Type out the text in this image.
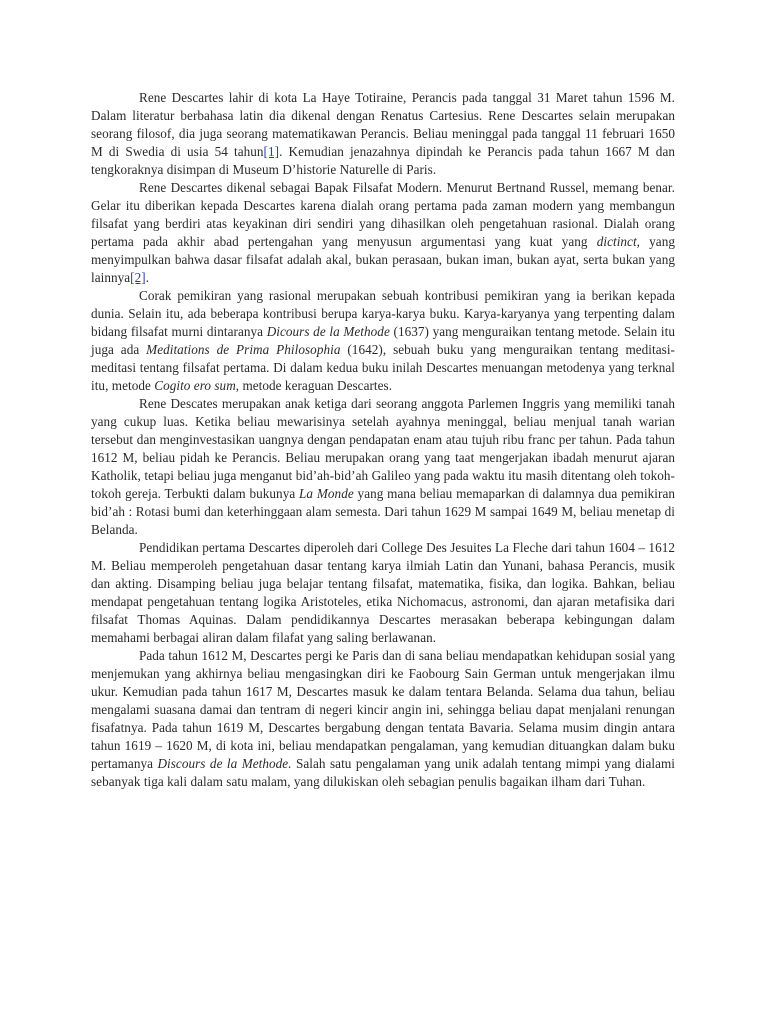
Rene Descartes lahir di kota La Haye Totiraine, Perancis pada tanggal 31 Maret tahun 1596 M. Dalam literatur berbahasa latin dia dikenal dengan Renatus Cartesius. Rene Descartes selain merupakan seorang filosof, dia juga seorang matematikawan Perancis. Beliau meninggal pada tanggal 11 februari 1650 M di Swedia di usia 54 tahun[1]. Kemudian jenazahnya dipindah ke Perancis pada tahun 1667 M dan tengkoraknya disimpan di Museum D’historie Naturelle di Paris.

Rene Descartes dikenal sebagai Bapak Filsafat Modern. Menurut Bertnand Russel, memang benar. Gelar itu diberikan kepada Descartes karena dialah orang pertama pada zaman modern yang membangun filsafat yang berdiri atas keyakinan diri sendiri yang dihasilkan oleh pengetahuan rasional. Dialah orang pertama pada akhir abad pertengahan yang menyusun argumentasi yang kuat yang dictinct, yang menyimpulkan bahwa dasar filsafat adalah akal, bukan perasaan, bukan iman, bukan ayat, serta bukan yang lainnya[2].

Corak pemikiran yang rasional merupakan sebuah kontribusi pemikiran yang ia berikan kepada dunia. Selain itu, ada beberapa kontribusi berupa karya-karya buku. Karya-karyanya yang terpenting dalam bidang filsafat murni dintaranya Dicours de la Methode (1637) yang menguraikan tentang metode. Selain itu juga ada Meditations de Prima Philosophia (1642), sebuah buku yang menguraikan tentang meditasi-meditasi tentang filsafat pertama. Di dalam kedua buku inilah Descartes menuangan metodenya yang terknal itu, metode Cogito ero sum, metode keraguan Descartes.

Rene Descates merupakan anak ketiga dari seorang anggota Parlemen Inggris yang memiliki tanah yang cukup luas. Ketika beliau mewarisinya setelah ayahnya meninggal, beliau menjual tanah warian tersebut dan menginvestasikan uangnya dengan pendapatan enam atau tujuh ribu franc per tahun. Pada tahun 1612 M, beliau pidah ke Perancis. Beliau merupakan orang yang taat mengerjakan ibadah menurut ajaran Katholik, tetapi beliau juga menganut bid’ah-bid’ah Galileo yang pada waktu itu masih ditentang oleh tokoh-tokoh gereja. Terbukti dalam bukunya La Monde yang mana beliau memaparkan di dalamnya dua pemikiran bid’ah : Rotasi bumi dan keterhinggaan alam semesta. Dari tahun 1629 M sampai 1649 M, beliau menetap di Belanda.

Pendidikan pertama Descartes diperoleh dari College Des Jesuites La Fleche dari tahun 1604 – 1612 M. Beliau memperoleh pengetahuan dasar tentang karya ilmiah Latin dan Yunani, bahasa Perancis, musik dan akting. Disamping beliau juga belajar tentang filsafat, matematika, fisika, dan logika. Bahkan, beliau mendapat pengetahuan tentang logika Aristoteles, etika Nichomacus, astronomi, dan ajaran metafisika dari filsafat Thomas Aquinas. Dalam pendidikannya Descartes merasakan beberapa kebingungan dalam memahami berbagai aliran dalam filafat yang saling berlawanan.

Pada tahun 1612 M, Descartes pergi ke Paris dan di sana beliau mendapatkan kehidupan sosial yang menjemukan yang akhirnya beliau mengasingkan diri ke Faobourg Sain German untuk mengerjakan ilmu ukur. Kemudian pada tahun 1617 M, Descartes masuk ke dalam tentara Belanda. Selama dua tahun, beliau mengalami suasana damai dan tentram di negeri kincir angin ini, sehingga beliau dapat menjalani renungan fisafatnya. Pada tahun 1619 M, Descartes bergabung dengan tentata Bavaria. Selama musim dingin antara tahun 1619 – 1620 M, di kota ini, beliau mendapatkan pengalaman, yang kemudian dituangkan dalam buku pertamanya Discours de la Methode. Salah satu pengalaman yang unik adalah tentang mimpi yang dialami sebanyak tiga kali dalam satu malam, yang dilukiskan oleh sebagian penulis bagaikan ilham dari Tuhan.
